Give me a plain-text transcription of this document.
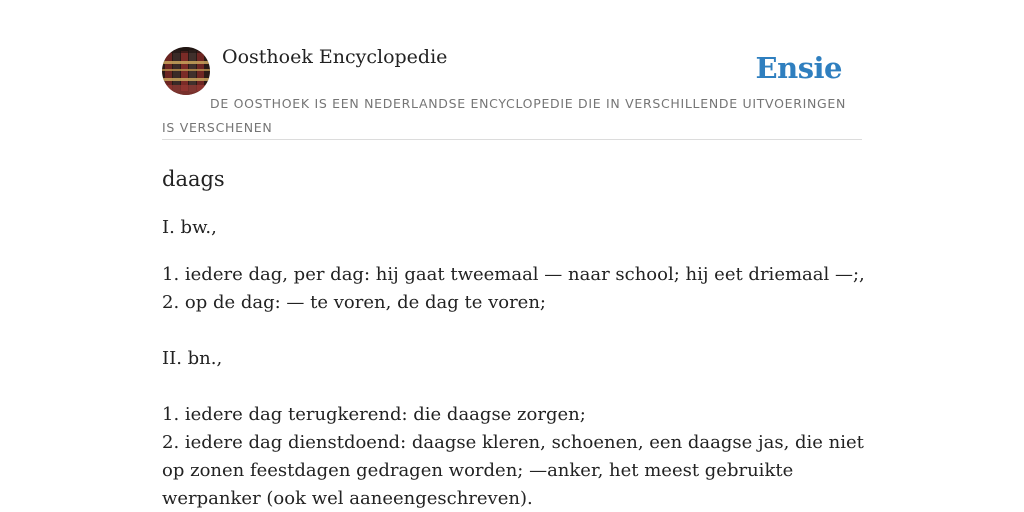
Oosthoek Encyclopedie	Ensie
DE OOSTHOEK IS EEN NEDERLANDSE ENCYCLOPEDIE DIE IN VERSCHILLENDE UITVOERINGEN IS VERSCHENEN
daags
I. bw.,
1. iedere dag, per dag: hij gaat tweemaal — naar school; hij eet driemaal —;,
2. op de dag: — te voren, de dag te voren;
II. bn.,
1. iedere dag terugkerend: die daagse zorgen;
2. iedere dag dienstdoend: daagse kleren, schoenen, een daagse jas, die niet op zonen feestdagen gedragen worden; —anker, het meest gebruikte werpanker (ook wel aaneengeschreven).
